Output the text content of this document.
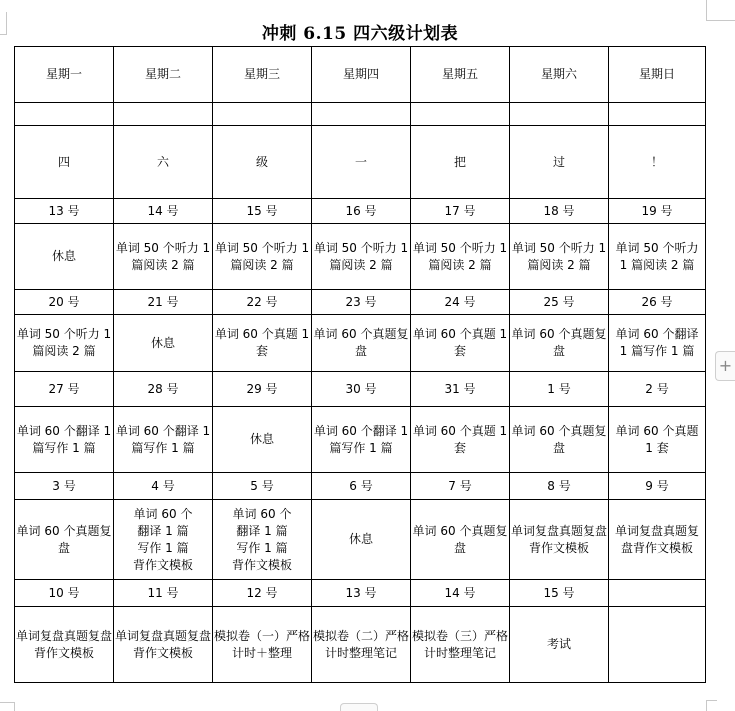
冲刺 6.15 四六级计划表
星期一	星期二	星期三	星期四	星期五	星期六	星期日

四	六	级	一	把	过	！
13 号	14 号	15 号	16 号	17 号	18 号	19 号

休息	单词 50 个听力 1 篇阅读 2 篇	单词 50 个听力 1 篇阅读 2 篇	单词 50 个听力 1 篇阅读 2 篇	单词 50 个听力 1 篇阅读 2 篇	单词 50 个听力 1 篇阅读 2 篇	单词 50 个听力 1 篇阅读 2 篇

20 号	21 号	22 号	23 号	24 号	25 号	26 号

单词 50 个听力 1 篇阅读 2 篇	休息	单词 60 个真题 1 套	单词 60 个真题复盘	单词 60 个真题 1 套	单词 60 个真题复盘	单词 60 个翻译 1 篇写作 1 篇

27 号	28 号	29 号	30 号	31 号	1 号	2 号

单词 60 个翻译 1 篇写作 1 篇	单词 60 个翻译 1 篇写作 1 篇	休息	单词 60 个翻译 1 篇写作 1 篇	单词 60 个真题 1 套	单词 60 个真题复盘	单词 60 个真题 1 套

3 号	4 号	5 号	6 号	7 号	8 号	9 号

单词 60 个真题复盘	单词 60 个
翻译 1 篇
写作 1 篇
背作文模板	单词 60 个
翻译 1 篇
写作 1 篇
背作文模板	休息	单词 60 个真题复盘	单词复盘真题复盘背作文模板	单词复盘真题复盘背作文模板

10 号	11 号	12 号	13 号	14 号	15 号	

单词复盘真题复盘背作文模板	单词复盘真题复盘背作文模板	模拟卷（一）严格计时＋整理	模拟卷（二）严格计时整理笔记	模拟卷（三）严格计时整理笔记	考试	

+
